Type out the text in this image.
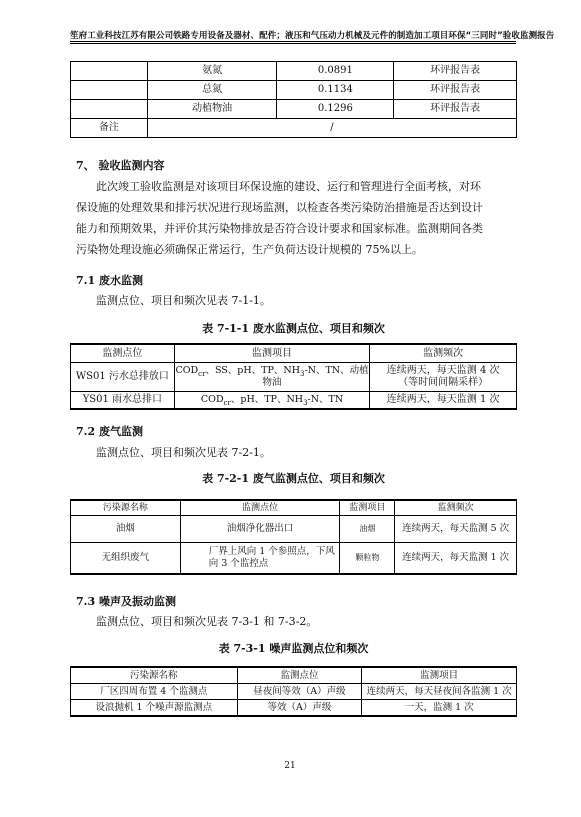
笙府工业科技江苏有限公司铁路专用设备及器材、配件；液压和气压动力机械及元件的制造加工项目环保“三同时”验收监测报告
	氨氮	0.0891	环评报告表
	总氮	0.1134	环评报告表
	动植物油	0.1296	环评报告表
备注	/		
7、 验收监测内容
此次竣工验收监测是对该项目环保设施的建设、运行和管理进行全面考核，对环
保设施的处理效果和排污状况进行现场监测，以检查各类污染防治措施是否达到设计
能力和预期效果，并评价其污染物排放是否符合设计要求和国家标准。监测期间各类
污染物处理设施必须确保正常运行，生产负荷达设计规模的 75%以上。
7.1 废水监测
监测点位、项目和频次见表 7-1-1。
表 7-1-1 废水监测点位、项目和频次
监测点位	监测项目	监测频次
WS01 污水总排放口	$COD_{cr}$、SS、pH、TP、$NH_3-N$、TN、动植物油	连续两天，每天监测 4 次
（等时间间隔采样）

YS01 雨水总排口	$COD_{cr}$、pH、TP、$NH_3-N$、TN	连续两天，每天监测 1 次
7.2 废气监测
监测点位、项目和频次见表 7-2-1。
表 7-2-1 废气监测点位、项目和频次
污染源名称	监测点位	监测项目	监测频次
油烟	油烟净化器出口	油烟	连续两天，每天监测 5 次
无组织废气	厂界上风向 1 个参照点，下风
向 3 个监控点	颗粒物	连续两天，每天监测 1 次
7.3 噪声及振动监测
监测点位、项目和频次见表 7-3-1 和 7-3-2。
表 7-3-1 噪声监测点位和频次
污染源名称	监测点位	监测项目
厂区四周布置 4 个监测点	昼夜间等效（A）声级	连续两天，每天昼夜间各监测 1 次
设浪抛机 1 个噪声源监测点	等效（A）声级	一天，监测 1 次
21
